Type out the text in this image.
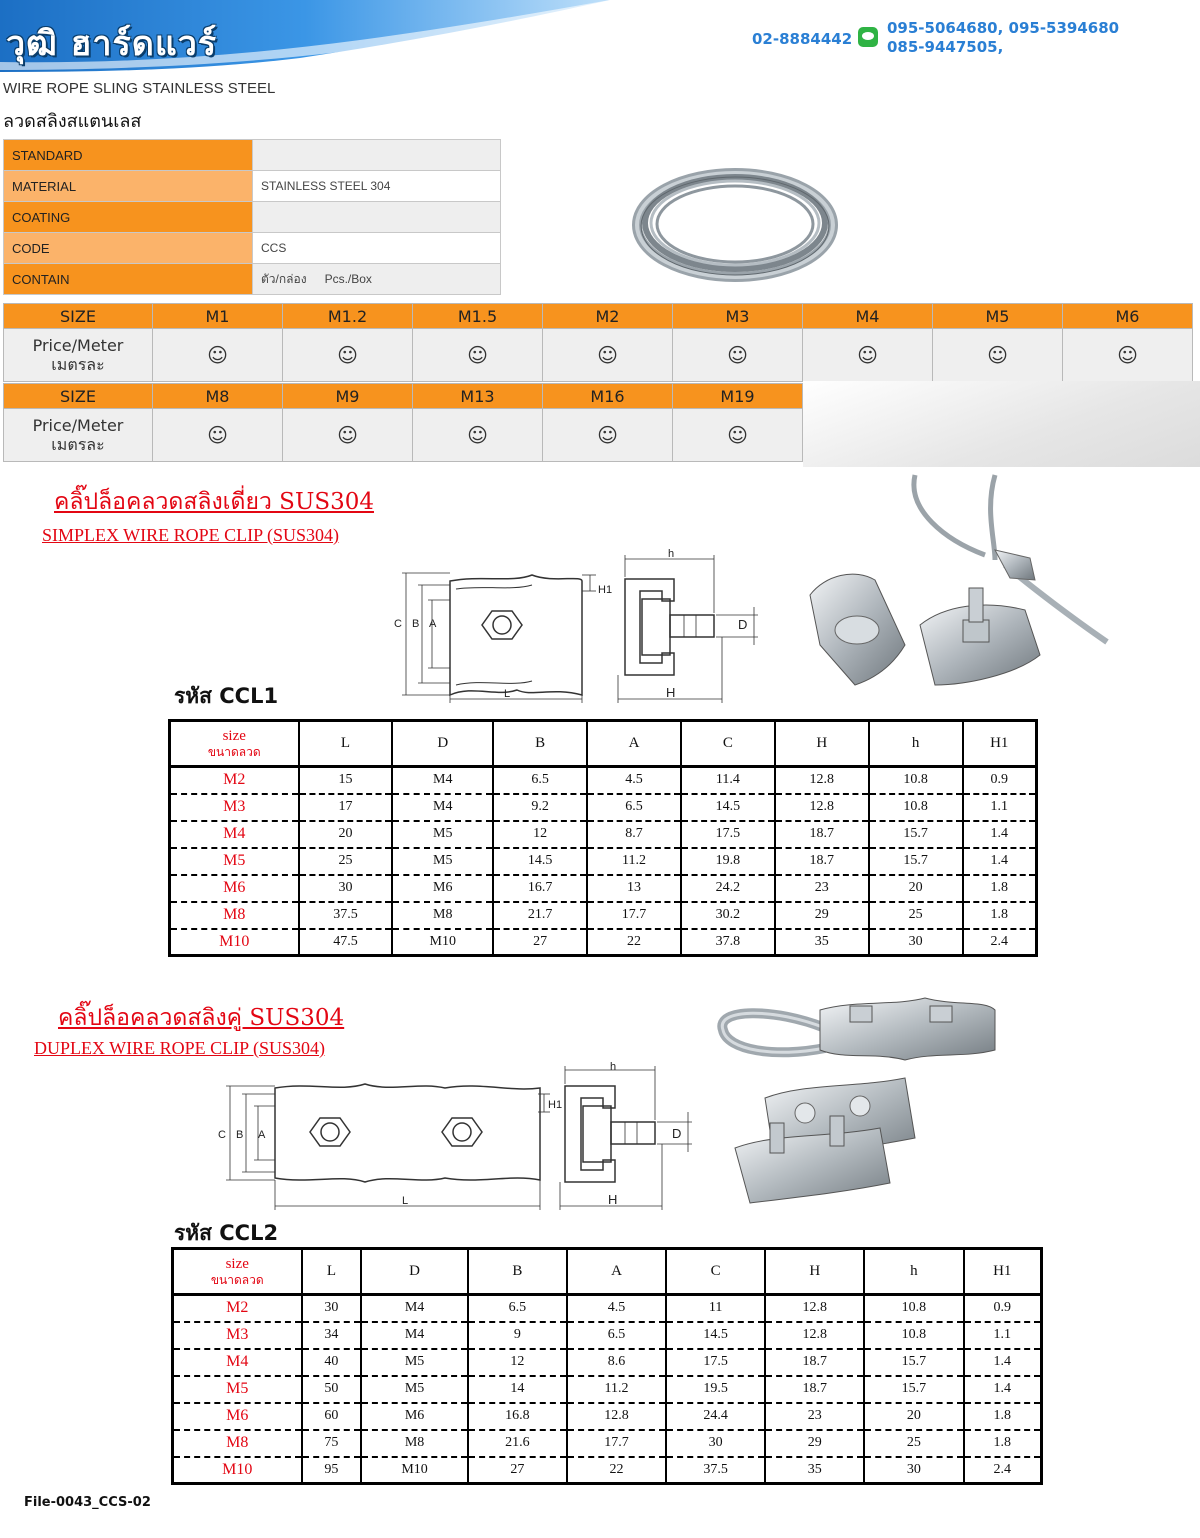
วุฒิ ฮาร์ดแวร์	02-8884442
095-5064680, 095-5394680
085-9447505,
WIRE ROPE SLING STAINLESS STEEL
ลวดสลิงสแตนเลส
STANDARD	
MATERIAL	STAINLESS STEEL 304
COATING	
CODE	CCS
CONTAIN	ตัว/กล่อง Pcs./Box
SIZE	M1	M1.2	M1.5	M2	M3	M4	M5	M6
Price/Meter
เมตรละ	☺	☺	☺	☺	☺	☺	☺	☺
SIZE	M8	M9	M13	M16	M19
Price/Meter
เมตรละ	☺	☺	☺	☺	☺
คลิ๊ปล็อคลวดสลิงเดี่ยว SUS304
SIMPLEX WIRE ROPE CLIP (SUS304)
C B A
L
h
H1
D
H
รหัส CCL1
size
ขนาดลวด	L	D	B	A	C	H	h	H1
M2	15	M4	6.5	4.5	11.4	12.8	10.8	0.9
M3	17	M4	9.2	6.5	14.5	12.8	10.8	1.1
M4	20	M5	12	8.7	17.5	18.7	15.7	1.4
M5	25	M5	14.5	11.2	19.8	18.7	15.7	1.4
M6	30	M6	16.7	13	24.2	23	20	1.8
M8	37.5	M8	21.7	17.7	30.2	29	25	1.8
M10	47.5	M10	27	22	37.8	35	30	2.4
คลิ๊ปล็อคลวดสลิงคู่ SUS304
DUPLEX WIRE ROPE CLIP (SUS304)
C B A
L
h
H1
D
H
รหัส CCL2
size
ขนาดลวด	L	D	B	A	C	H	h	H1
M2	30	M4	6.5	4.5	11	12.8	10.8	0.9
M3	34	M4	9	6.5	14.5	12.8	10.8	1.1
M4	40	M5	12	8.6	17.5	18.7	15.7	1.4
M5	50	M5	14	11.2	19.5	18.7	15.7	1.4
M6	60	M6	16.8	12.8	24.4	23	20	1.8
M8	75	M8	21.6	17.7	30	29	25	1.8
M10	95	M10	27	22	37.5	35	30	2.4
File-0043_CCS-02
